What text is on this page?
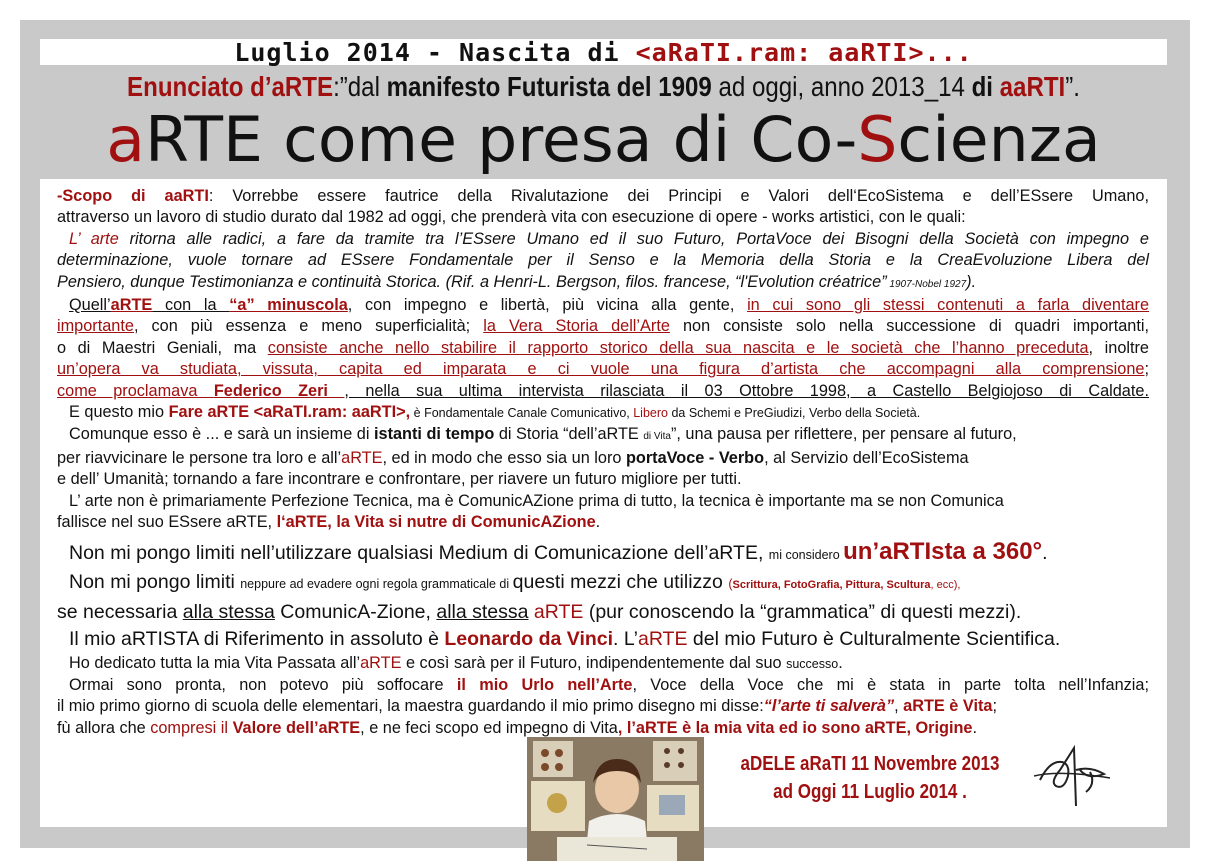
Luglio 2014 - Nascita di <aRaTI.ram: aaRTI>...
Enunciato d’aRTE:”dal manifesto Futurista del 1909 ad oggi, anno 2013_14 di aaRTI”.
aRTE come presa di Co-Scienza

-Scopo di aaRTI: Vorrebbe essere fautrice della Rivalutazione dei Principi e Valori dell‘EcoSistema e dell’ESsere Umano,

attraverso un lavoro di studio durato dal 1982 ad oggi, che prenderà vita con esecuzione di opere - works artistici, con le quali:

L’ arte ritorna alle radici, a fare da tramite tra l’ESsere Umano ed il suo Futuro, PortaVoce dei Bisogni della Società con impegno e

determinazione, vuole tornare ad ESsere Fondamentale per il Senso e la Memoria della Storia e la CreaEvoluzione Libera del

Pensiero, dunque Testimonianza e continuità Storica. (Rif. a Henri-L. Bergson, filos. francese, “l'Evolution créatrice” 1907-Nobel 1927).

Quell’aRTE con la “a” minuscola, con impegno e libertà, più vicina alla gente, in cui sono gli stessi contenuti a farla diventare

importante, con più essenza e meno superficialità; la Vera Storia dell’Arte non consiste solo nella successione di quadri importanti,

o di Maestri Geniali, ma consiste anche nello stabilire il rapporto storico della sua nascita e le società che l’hanno preceduta, inoltre

un’opera va studiata, vissuta, capita ed imparata e ci vuole una figura d’artista che accompagni alla comprensione;

come proclamava Federico Zeri , nella sua ultima intervista rilasciata il 03 Ottobre 1998, a Castello Belgiojoso di Caldate.

E questo mio Fare aRTE <aRaTI.ram: aaRTI>, è Fondamentale Canale Comunicativo, Libero da Schemi e PreGiudizi, Verbo della Società.

Comunque esso è ... e sarà un insieme di istanti di tempo di Storia “dell’aRTE di Vita”, una pausa per riflettere, per pensare al futuro,

per riavvicinare le persone tra loro e all’aRTE, ed in modo che esso sia un loro portaVoce - Verbo, al Servizio dell’EcoSistema

e dell’ Umanità; tornando a fare incontrare e confrontare, per riavere un futuro migliore per tutti.

L’ arte non è primariamente Perfezione Tecnica, ma è ComunicAZione prima di tutto, la tecnica è importante ma se non Comunica

fallisce nel suo ESsere aRTE, l‘aRTE, la Vita si nutre di ComunicAZione.

Non mi pongo limiti nell’utilizzare qualsiasi Medium di Comunicazione dell’aRTE, mi considero un’aRTIsta a 360°.

Non mi pongo limiti neppure ad evadere ogni regola grammaticale di questi mezzi che utilizzo (Scrittura, FotoGrafia, Pittura, Scultura, ecc),

se necessaria alla stessa ComunicA-Zione, alla stessa aRTE (pur conoscendo la “grammatica” di questi mezzi).

Il mio aRTISTA di Riferimento in assoluto è Leonardo da Vinci. L’aRTE del mio Futuro è Culturalmente Scientifica.

Ho dedicato tutta la mia Vita Passata all’aRTE e così sarà per il Futuro, indipendentemente dal suo successo.

Ormai sono pronta, non potevo più soffocare il mio Urlo nell’Arte, Voce della Voce che mi è stata in parte tolta nell’Infanzia;

il mio primo giorno di scuola delle elementari, la maestra guardando il mio primo disegno mi disse:“l’arte ti salverà”, aRTE è Vita;

fù allora che compresi il Valore dell’aRTE, e ne feci scopo ed impegno di Vita, l’aRTE è la mia vita ed io sono aRTE, Origine.

aDELE aRaTI 11 Novembre 2013
ad Oggi 11 Luglio 2014 .
